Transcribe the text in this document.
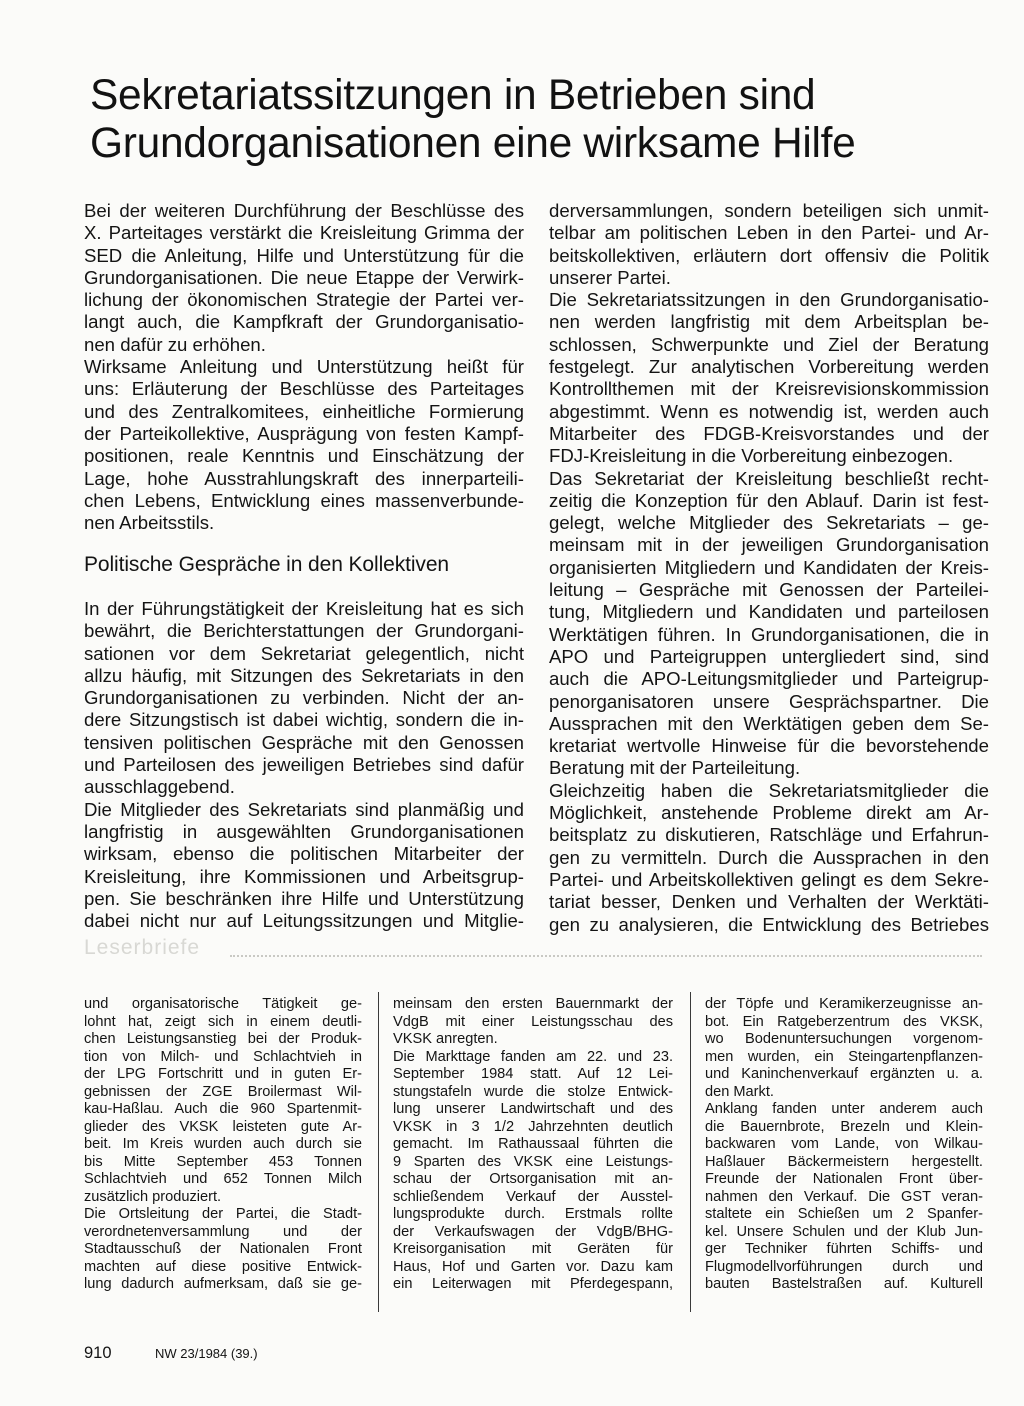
Sekretariatssitzungen in Betrieben sind
Grundorganisationen eine wirksame Hilfe
Bei der weiteren Durchführung der Beschlüsse des
X. Parteitages verstärkt die Kreisleitung Grimma der
SED die Anleitung, Hilfe und Unterstützung für die
Grundorganisationen. Die neue Etappe der Verwirk-
lichung der ökonomischen Strategie der Partei ver-
langt auch, die Kampfkraft der Grundorganisatio-
nen dafür zu erhöhen.
Wirksame Anleitung und Unterstützung heißt für
uns: Erläuterung der Beschlüsse des Parteitages
und des Zentralkomitees, einheitliche Formierung
der Parteikollektive, Ausprägung von festen Kampf-
positionen, reale Kenntnis und Einschätzung der
Lage, hohe Ausstrahlungskraft des innerparteili-
chen Lebens, Entwicklung eines massenverbunde-
nen Arbeitsstils.
Politische Gespräche in den Kollektiven
In der Führungstätigkeit der Kreisleitung hat es sich
bewährt, die Berichterstattungen der Grundorgani-
sationen vor dem Sekretariat gelegentlich, nicht
allzu häufig, mit Sitzungen des Sekretariats in den
Grundorganisationen zu verbinden. Nicht der an-
dere Sitzungstisch ist dabei wichtig, sondern die in-
tensiven politischen Gespräche mit den Genossen
und Parteilosen des jeweiligen Betriebes sind dafür
ausschlaggebend.
Die Mitglieder des Sekretariats sind planmäßig und
langfristig in ausgewählten Grundorganisationen
wirksam, ebenso die politischen Mitarbeiter der
Kreisleitung, ihre Kommissionen und Arbeitsgrup-
pen. Sie beschränken ihre Hilfe und Unterstützung
dabei nicht nur auf Leitungssitzungen und Mitglie-
derversammlungen, sondern beteiligen sich unmit-
telbar am politischen Leben in den Partei- und Ar-
beitskollektiven, erläutern dort offensiv die Politik
unserer Partei.
Die Sekretariatssitzungen in den Grundorganisatio-
nen werden langfristig mit dem Arbeitsplan be-
schlossen, Schwerpunkte und Ziel der Beratung
festgelegt. Zur analytischen Vorbereitung werden
Kontrollthemen mit der Kreisrevisionskommission
abgestimmt. Wenn es notwendig ist, werden auch
Mitarbeiter des FDGB-Kreisvorstandes und der
FDJ-Kreisleitung in die Vorbereitung einbezogen.
Das Sekretariat der Kreisleitung beschließt recht-
zeitig die Konzeption für den Ablauf. Darin ist fest-
gelegt, welche Mitglieder des Sekretariats – ge-
meinsam mit in der jeweiligen Grundorganisation
organisierten Mitgliedern und Kandidaten der Kreis-
leitung – Gespräche mit Genossen der Parteilei-
tung, Mitgliedern und Kandidaten und parteilosen
Werktätigen führen. In Grundorganisationen, die in
APO und Parteigruppen untergliedert sind, sind
auch die APO-Leitungsmitglieder und Parteigrup-
penorganisatoren unsere Gesprächspartner. Die
Aussprachen mit den Werktätigen geben dem Se-
kretariat wertvolle Hinweise für die bevorstehende
Beratung mit der Parteileitung.
Gleichzeitig haben die Sekretariatsmitglieder die
Möglichkeit, anstehende Probleme direkt am Ar-
beitsplatz zu diskutieren, Ratschläge und Erfahrun-
gen zu vermitteln. Durch die Aussprachen in den
Partei- und Arbeitskollektiven gelingt es dem Sekre-
tariat besser, Denken und Verhalten der Werktäti-
gen zu analysieren, die Entwicklung des Betriebes
Leserbriefe
und organisatorische Tätigkeit ge-
lohnt hat, zeigt sich in einem deutli-
chen Leistungsanstieg bei der Produk-
tion von Milch- und Schlachtvieh in
der LPG Fortschritt und in guten Er-
gebnissen der ZGE Broilermast Wil-
kau-Haßlau. Auch die 960 Spartenmit-
glieder des VKSK leisteten gute Ar-
beit. Im Kreis wurden auch durch sie
bis Mitte September 453 Tonnen
Schlachtvieh und 652 Tonnen Milch
zusätzlich produziert.
Die Ortsleitung der Partei, die Stadt-
verordnetenversammlung und der
Stadtausschuß der Nationalen Front
machten auf diese positive Entwick-
lung dadurch aufmerksam, daß sie ge-
meinsam den ersten Bauernmarkt der
VdgB mit einer Leistungsschau des
VKSK anregten.
Die Markttage fanden am 22. und 23.
September 1984 statt. Auf 12 Lei-
stungstafeln wurde die stolze Entwick-
lung unserer Landwirtschaft und des
VKSK in 3 1/2 Jahrzehnten deutlich
gemacht. Im Rathaussaal führten die
9 Sparten des VKSK eine Leistungs-
schau der Ortsorganisation mit an-
schließendem Verkauf der Ausstel-
lungsprodukte durch. Erstmals rollte
der Verkaufswagen der VdgB/BHG-
Kreisorganisation mit Geräten für
Haus, Hof und Garten vor. Dazu kam
ein Leiterwagen mit Pferdegespann,
der Töpfe und Keramikerzeugnisse an-
bot. Ein Ratgeberzentrum des VKSK,
wo Bodenuntersuchungen vorgenom-
men wurden, ein Steingartenpflanzen-
und Kaninchenverkauf ergänzten u. a.
den Markt.
Anklang fanden unter anderem auch
die Bauernbrote, Brezeln und Klein-
backwaren vom Lande, von Wilkau-
Haßlauer Bäckermeistern hergestellt.
Freunde der Nationalen Front über-
nahmen den Verkauf. Die GST veran-
staltete ein Schießen um 2 Spanfer-
kel. Unsere Schulen und der Klub Jun-
ger Techniker führten Schiffs- und
Flugmodellvorführungen durch und
bauten Bastelstraßen auf. Kulturell
910	NW 23/1984 (39.)
